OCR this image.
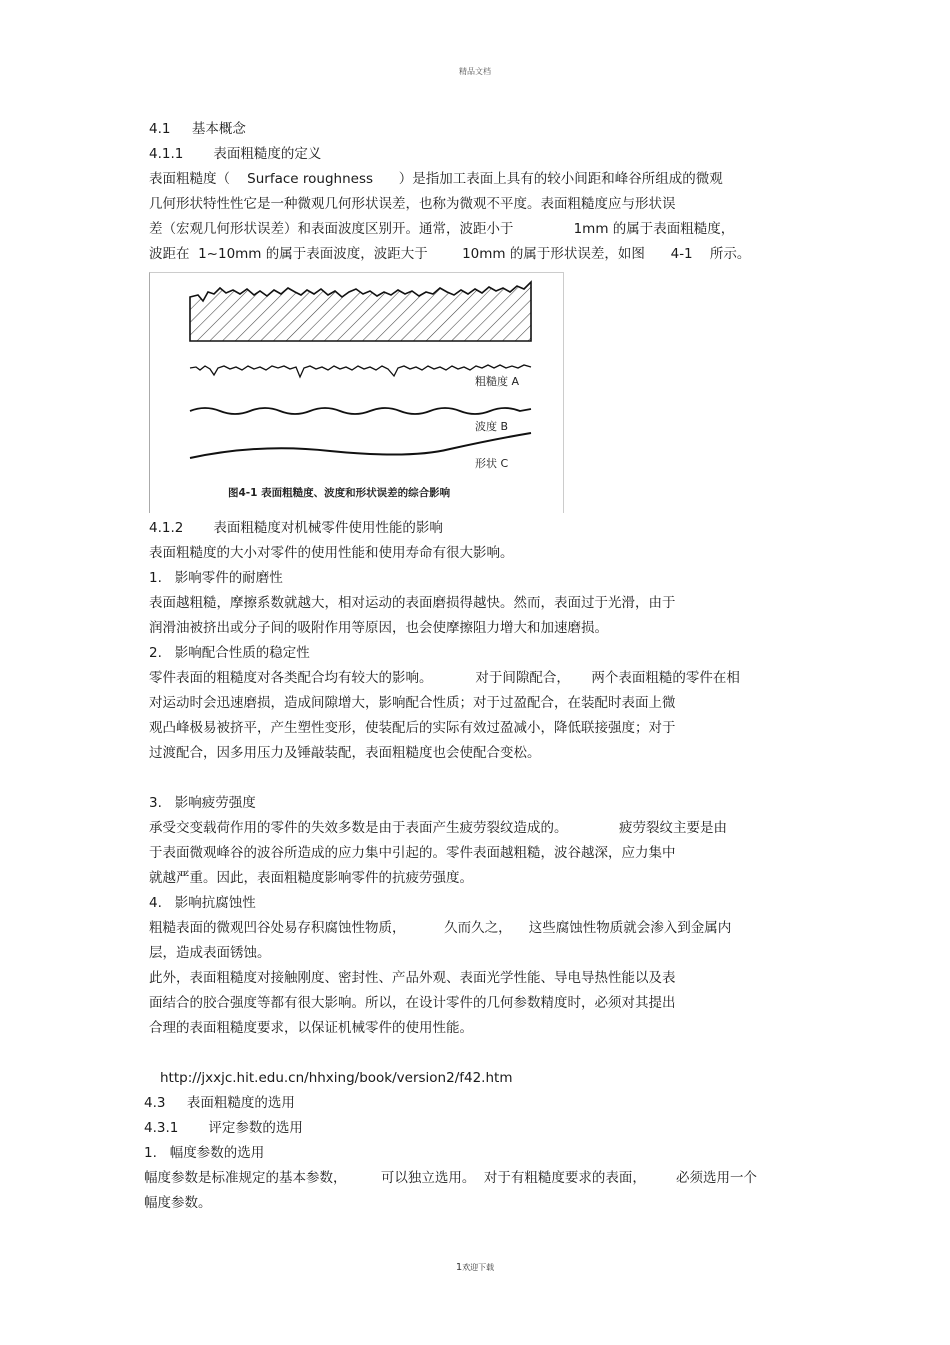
精品文档
4.1     基本概念
4.1.1       表面粗糙度的定义
表面粗糙度（    Surface roughness      ）是指加工表面上具有的较小间距和峰谷所组成的微观
几何形状特性性它是一种微观几何形状误差，也称为微观不平度。表面粗糙度应与形状误
差（宏观几何形状误差）和表面波度区别开。通常，波距小于              1mm 的属于表面粗糙度，
波距在  1~10mm 的属于表面波度，波距大于        10mm 的属于形状误差，如图      4-1    所示。
粗糙度 A
波度 B
形状 C
图4-1 表面粗糙度、波度和形状误差的综合影响
4.1.2       表面粗糙度对机械零件使用性能的影响
表面粗糙度的大小对零件的使用性能和使用寿命有很大影响。
1.   影响零件的耐磨性
表面越粗糙，摩擦系数就越大，相对运动的表面磨损得越快。然而，表面过于光滑，由于
润滑油被挤出或分子间的吸附作用等原因，也会使摩擦阻力增大和加速磨损。
2.   影响配合性质的稳定性
零件表面的粗糙度对各类配合均有较大的影响。          对于间隙配合，     两个表面粗糙的零件在相
对运动时会迅速磨损，造成间隙增大，影响配合性质；对于过盈配合，在装配时表面上微
观凸峰极易被挤平，产生塑性变形，使装配后的实际有效过盈减小，降低联接强度；对于
过渡配合，因多用压力及锤敲装配，表面粗糙度也会使配合变松。
3.   影响疲劳强度
承受交变载荷作用的零件的失效多数是由于表面产生疲劳裂纹造成的。            疲劳裂纹主要是由
于表面微观峰谷的波谷所造成的应力集中引起的。零件表面越粗糙，波谷越深，应力集中
就越严重。因此，表面粗糙度影响零件的抗疲劳强度。
4.   影响抗腐蚀性
粗糙表面的微观凹谷处易存积腐蚀性物质，         久而久之，    这些腐蚀性物质就会渗入到金属内
层，造成表面锈蚀。
此外，表面粗糙度对接触刚度、密封性、产品外观、表面光学性能、导电导热性能以及表
面结合的胶合强度等都有很大影响。所以，在设计零件的几何参数精度时，必须对其提出
合理的表面粗糙度要求，以保证机械零件的使用性能。
http://jxxjc.hit.edu.cn/hhxing/book/version2/f42.htm
4.3     表面粗糙度的选用
4.3.1       评定参数的选用
1.   幅度参数的选用
幅度参数是标准规定的基本参数，        可以独立选用。  对于有粗糙度要求的表面，       必须选用一个
幅度参数。
1欢迎下载
